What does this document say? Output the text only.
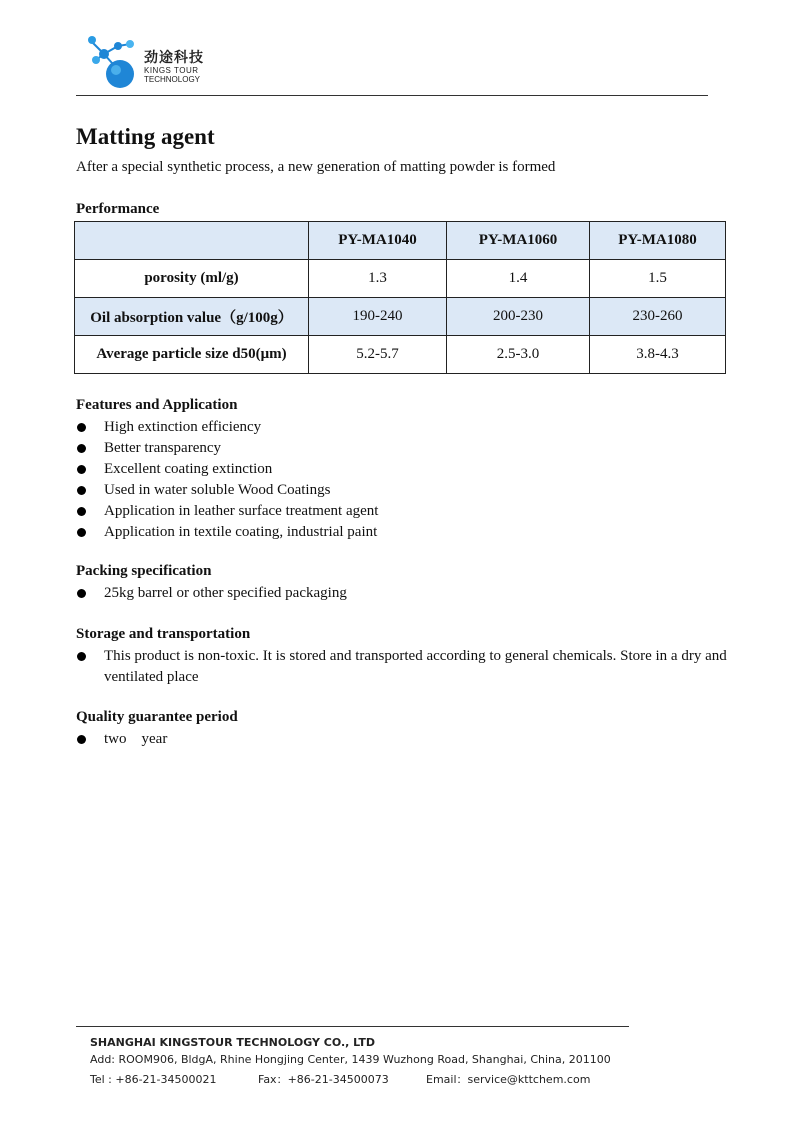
劲途科技
KINGS TOUR
TECHNOLOGY
Matting agent
After a special synthetic process, a new generation of matting powder is formed
Performance
	PY-MA1040	PY-MA1060	PY-MA1080
porosity (ml/g)	1.3	1.4	1.5
Oil absorption value（g/100g）	190-240	200-230	230-260
Average particle size d50(μm)	5.2-5.7	2.5-3.0	3.8-4.3
Features and Application
High extinction efficiency
Better transparency
Excellent coating extinction
Used in water soluble Wood Coatings
Application in leather surface treatment agent
Application in textile coating, industrial paint
Packing specification
25kg barrel or other specified packaging
Storage and transportation
This product is non-toxic. It is stored and transported according to general chemicals. Store in a dry and ventilated place
Quality guarantee period
two    year
SHANGHAI KINGSTOUR TECHNOLOGY CO., LTD
Add: ROOM906, BldgA, Rhine Hongjing Center, 1439 Wuzhong Road, Shanghai, China, 201100
Tel : +86-21-34500021	Fax：+86-21-34500073	Email：service@kttchem.com
